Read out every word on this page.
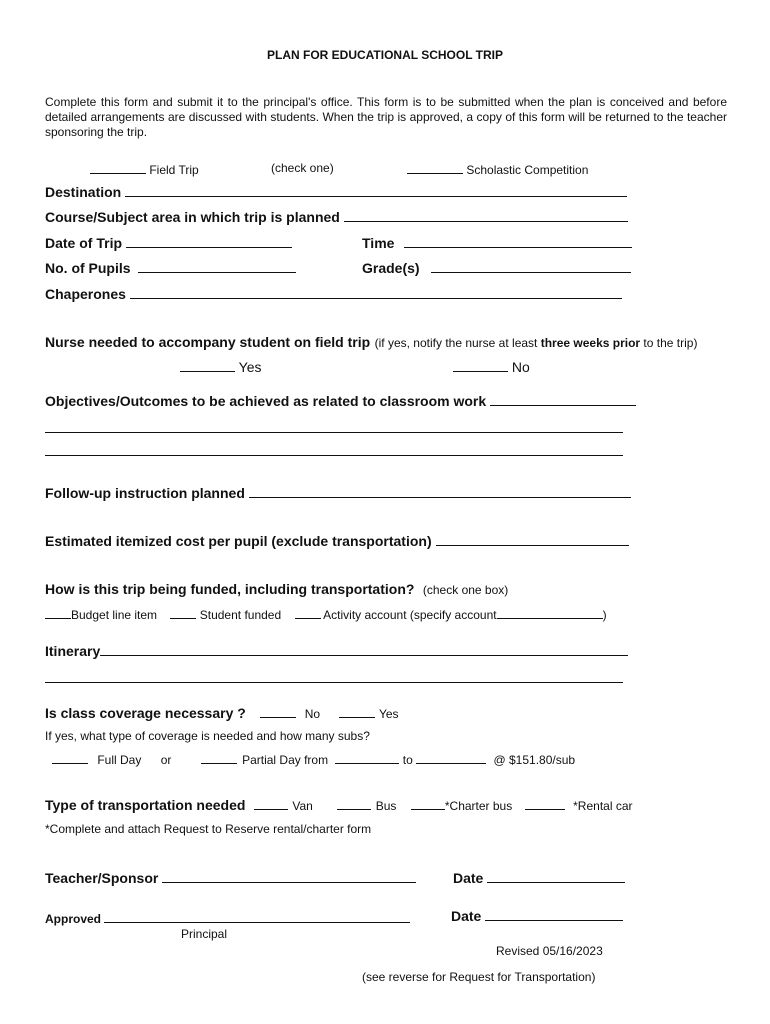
PLAN FOR EDUCATIONAL SCHOOL TRIP
Complete this form and submit it to the principal's office. This form is to be submitted when the plan is conceived and before detailed arrangements are discussed with students. When the trip is approved, a copy of this form will be returned to the teacher sponsoring the trip.
Field Trip	(check one)	Scholastic Competition
Destination
Course/Subject area in which trip is planned
Date of Trip	Time
No. of Pupils	Grade(s)
Chaperones
Nurse needed to accompany student on field trip (if yes, notify the nurse at least three weeks prior to the trip)
Yes	No
Objectives/Outcomes to be achieved as related to classroom work
Follow-up instruction planned
Estimated itemized cost per pupil (exclude transportation)
How is this trip being funded, including transportation? (check one box)
Budget line item	Student funded	Activity account (specify account	)
Itinerary
Is class coverage necessary ?	No	Yes
If yes, what type of coverage is needed and how many subs?
Full Day or	Partial Day from	to	@ $151.80/sub
Type of transportation needed	Van	Bus	*Charter bus	*Rental car
*Complete and attach Request to Reserve rental/charter form
Teacher/Sponsor	Date
Approved	Date
Principal
Revised 05/16/2023
(see reverse for Request for Transportation)
